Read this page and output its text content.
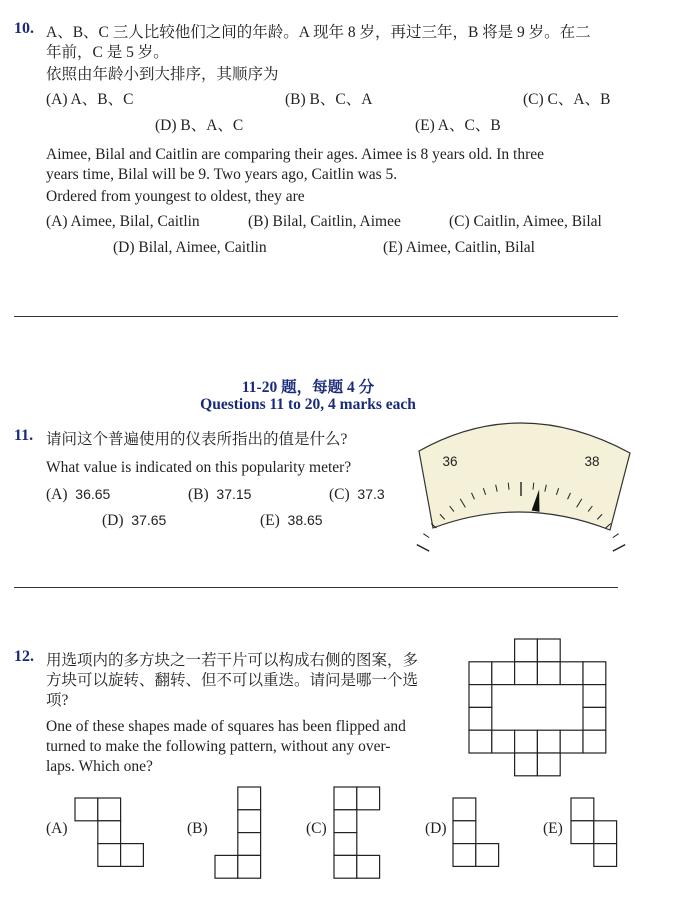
10. A、B、C 三人比较他们之间的年龄。A 现年 8 岁，再过三年，B 将是 9 岁。在二
年前，C 是 5 岁。
依照由年龄小到大排序，其顺序为
(A) A、B、C	(B) B、C、A	(C) C、A、B
(D) B、A、C	(E) A、C、B
Aimee, Bilal and Caitlin are comparing their ages. Aimee is 8 years old. In three
years time, Bilal will be 9. Two years ago, Caitlin was 5.
Ordered from youngest to oldest, they are
(A) Aimee, Bilal, Caitlin	(B) Bilal, Caitlin, Aimee	(C) Caitlin, Aimee, Bilal
(D) Bilal, Aimee, Caitlin	(E) Aimee, Caitlin, Bilal
11-20 题，每题 4 分
Questions 11 to 20, 4 marks each
11. 请问这个普遍使用的仪表所指出的值是什么?
What value is indicated on this popularity meter?
(A) 36.65	(B) 37.15	(C) 37.3
(D) 37.65	(E) 38.65
36	38
12. 用选项内的多方块之一若干片可以构成右侧的图案，多
方块可以旋转、翻转、但不可以重迭。请问是哪一个选
项?
One of these shapes made of squares has been flipped and
turned to make the following pattern, without any over-
laps. Which one?
(A)	(B)	(C)	(D)	(E)
